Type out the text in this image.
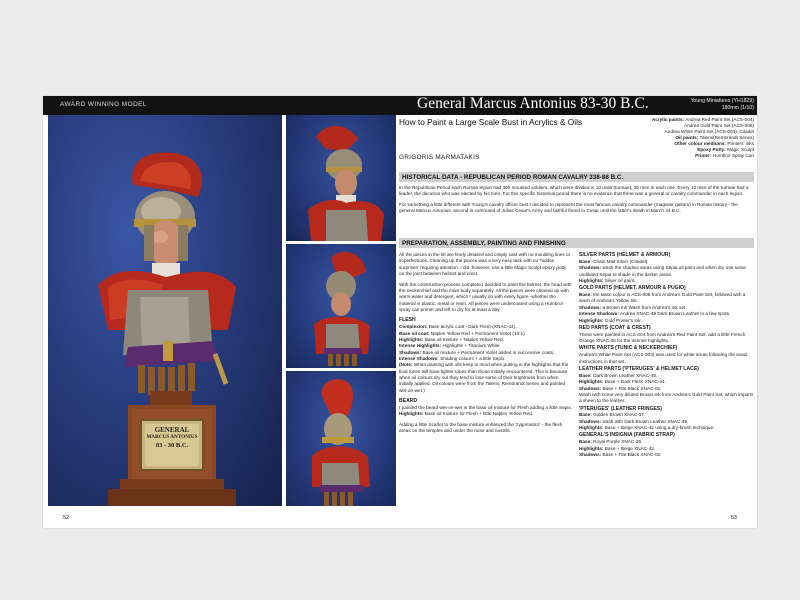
AWARD WINNING MODEL	General Marcus Antonius 83-30 B.C.	Young Miniatures (YH1829)
180mm (1/10)
GENERAL
MARCUS ANTONIUS
83 - 30 B.C.
How to Paint a Large Scale Bust in Acrylics & Oils
GRIGORIS MARMATAKIS
Acrylic paints: Andrea Red Paint Set (ACS-004)
Andrea Gold Paint Set (ACS-008)
Andrea White Paint Set (ACS-003), Citadel
Oil paints: Talens(Rembrandt Series)
Other colour mediums: Printers' inks
Epoxy Putty: Magic Sculpt
Primer: Humbrol Spray Can
HISTORICAL DATA - REPUBLICAN PERIOD ROMAN CAVALRY 338-88 B.C.

In the Republican Period each Roman legion had 300 mounted soldiers, which were divided in 10 units (turmae), 30 men in each one. Every 10 men of the turmae had a leader, the decurion who was elected by his men. For this specific historical period there is no evidence that there was a general or cavalry commander in each legion.

For something a little different with Young's cavalry officer bust I decided to represent the most famous cavalry commander (magister quitum) in Roman history - the general Marcus Antonius, second in command of Julius Cesar's Army and faithful friend to Cesar until the latter's death in March 44 B.C.

PREPARATION, ASSEMBLY, PAINTING AND FINISHING

All the pieces in the kit are finely detailed and crisply cast with no moulding lines or imperfections. Cleaning up the pieces was a very easy task with no 'hidden surprises' requiring attention. I did, however, use a little Magic Sculpt epoxy putty on the joint between helmet and crest.

With the construction process complete I decided to paint the helmet, the head with the neckerchief and the main body separately. All the pieces were cleaned up with warm water and detergent, which I usually do with every figure -whether the material is plastic, metal or resin. All pieces were undercoated using a Humbrol spray can primer and left to dry for at least a day.

FLESH
Complexion: Base acrylic coat - Dark Flesh (XNAC-44).
Base oil coat: Naples Yellow Red + Permanent Violet (10:1).
Highlights: Base oil mixture + Naples Yellow Red.
Intense Highlights: Highlights + Titanium White.
Shadows: Base oil mixture + Permanent Violet added in successive coats.
Intense Shadows: Shading colours + a little Sepix.
(Note: When painting with oils keep in mind when putting in the highlights that the final tones will have lighter tones than those initially encountered. This is because when oil colours dry out they tend to lose some of their brightness from when initially applied. Oil colours were from the Talens, Rembrandt Series and painted wet-on-wet.)
BEARD
I painted the beard wet-on-wet in the base oil mixture for Flesh adding a little Sepix.
Highlights: Base oil mixture for Flesh + little Naples Yellow Red.

Adding a little Scarlet to the base mixture enhanced the 'zygomatics' - the flesh areas on the temples and under the nose and nostrils.

SILVER PARTS (HELMET & ARMOUR)
Base: Chain Mail Silver (Citadel).
Shadows: wash the shadow areas using Sepia oil paint and when dry use some undiluted Sepia to shade in the darker areas.
Highlights: Silver oil paint.
GOLD PARTS (HELMET, ARMOUR & PUGIO)
Base: the Base colour is ACS-008 from Andrea's Gold Paint Set, followed with a wash of Andrea's Yellow Ink.
Shadows: a Brown Ink Wash from Andrea's ink set.
Intense Shadows: Andrea XNAC-49 Dark Brown Leather in a few spots.
Highlights: Gold Printer's Ink.
RED PARTS (COAT & CREST)
These were painted in ACS-004 from Andrea's Red Paint Set, add a little French Orange XNAC-35 for the intense highlights.
WHITE PARTS (TUNIC & NECKERCHIEF)
Andrea's White Paint Set (ACS-003) was used for white areas following the exact instructions in that set.
LEATHER PARTS ('PTERUGES' & HELMET LACE)
Base: Dark Brown Leather XNAC-49.
Highlights: Base + Dark Flesh XNAC-44.
Shadows: Base + Flat Black XNAC-02.
Wash with some very diluted Brown Ink from Andrea's Gold Paint Set, which imparts a sheen to the leather.
'PTERUGES' (LEATHER FRINGES)
Base: Golden Brown XNAC-37.
Shadows: wash with Dark Brown Leather XNAC-49.
Highlights: Base + Beige XNAC-42 using a dry-brush technique.
GENERAL'S INSIGNIA (FABRIC STRAP)
Base: Royal Purple XNAC-29.
Highlights: Base + Beige XNAC-42.
Shadows: Base + Flat Black XNAC-02.
52	53
